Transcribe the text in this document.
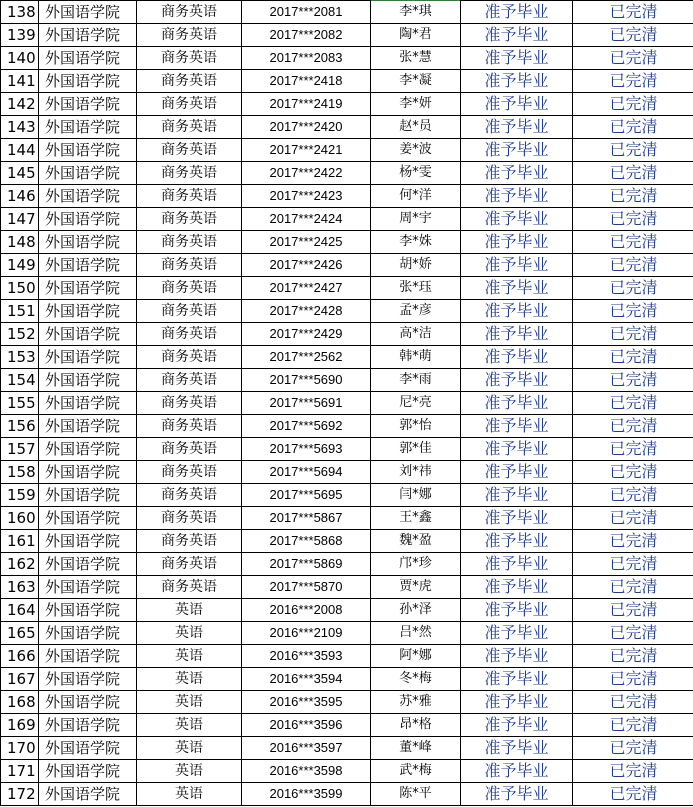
138	外国语学院	商务英语	2017***2081	李*琪	准予毕业	已完清
139	外国语学院	商务英语	2017***2082	陶*君	准予毕业	已完清
140	外国语学院	商务英语	2017***2083	张*慧	准予毕业	已完清
141	外国语学院	商务英语	2017***2418	李*凝	准予毕业	已完清
142	外国语学院	商务英语	2017***2419	李*妍	准予毕业	已完清
143	外国语学院	商务英语	2017***2420	赵*员	准予毕业	已完清
144	外国语学院	商务英语	2017***2421	姜*波	准予毕业	已完清
145	外国语学院	商务英语	2017***2422	杨*雯	准予毕业	已完清
146	外国语学院	商务英语	2017***2423	何*洋	准予毕业	已完清
147	外国语学院	商务英语	2017***2424	周*宇	准予毕业	已完清
148	外国语学院	商务英语	2017***2425	李*姝	准予毕业	已完清
149	外国语学院	商务英语	2017***2426	胡*娇	准予毕业	已完清
150	外国语学院	商务英语	2017***2427	张*珏	准予毕业	已完清
151	外国语学院	商务英语	2017***2428	孟*彦	准予毕业	已完清
152	外国语学院	商务英语	2017***2429	高*洁	准予毕业	已完清
153	外国语学院	商务英语	2017***2562	韩*萌	准予毕业	已完清
154	外国语学院	商务英语	2017***5690	李*雨	准予毕业	已完清
155	外国语学院	商务英语	2017***5691	尼*亮	准予毕业	已完清
156	外国语学院	商务英语	2017***5692	郭*怡	准予毕业	已完清
157	外国语学院	商务英语	2017***5693	郭*佳	准予毕业	已完清
158	外国语学院	商务英语	2017***5694	刘*祎	准予毕业	已完清
159	外国语学院	商务英语	2017***5695	闫*娜	准予毕业	已完清
160	外国语学院	商务英语	2017***5867	王*鑫	准予毕业	已完清
161	外国语学院	商务英语	2017***5868	魏*盈	准予毕业	已完清
162	外国语学院	商务英语	2017***5869	邝*珍	准予毕业	已完清
163	外国语学院	商务英语	2017***5870	贾*虎	准予毕业	已完清
164	外国语学院	英语	2016***2008	孙*泽	准予毕业	已完清
165	外国语学院	英语	2016***2109	吕*然	准予毕业	已完清
166	外国语学院	英语	2016***3593	阿*娜	准予毕业	已完清
167	外国语学院	英语	2016***3594	冬*梅	准予毕业	已完清
168	外国语学院	英语	2016***3595	苏*雅	准予毕业	已完清
169	外国语学院	英语	2016***3596	昂*格	准予毕业	已完清
170	外国语学院	英语	2016***3597	董*峰	准予毕业	已完清
171	外国语学院	英语	2016***3598	武*梅	准予毕业	已完清
172	外国语学院	英语	2016***3599	陈*平	准予毕业	已完清
